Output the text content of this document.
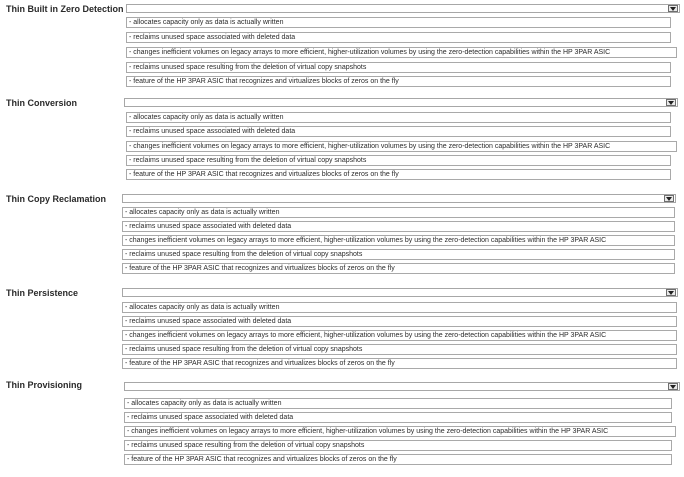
Thin Built in Zero Detection
- allocates capacity only as data is actually written
- reclaims unused space associated with deleted data
- changes inefficient volumes on legacy arrays to more efficient, higher-utilization volumes by using the zero-detection capabilities within the HP 3PAR ASIC
- reclaims unused space resulting from the deletion of virtual copy snapshots
- feature of the HP 3PAR ASIC that recognizes and virtualizes blocks of zeros on the fly
Thin Conversion
- allocates capacity only as data is actually written
- reclaims unused space associated with deleted data
- changes inefficient volumes on legacy arrays to more efficient, higher-utilization volumes by using the zero-detection capabilities within the HP 3PAR ASIC
- reclaims unused space resulting from the deletion of virtual copy snapshots
- feature of the HP 3PAR ASIC that recognizes and virtualizes blocks of zeros on the fly
Thin Copy Reclamation
- allocates capacity only as data is actually written
- reclaims unused space associated with deleted data
- changes inefficient volumes on legacy arrays to more efficient, higher-utilization volumes by using the zero-detection capabilities within the HP 3PAR ASIC
- reclaims unused space resulting from the deletion of virtual copy snapshots
- feature of the HP 3PAR ASIC that recognizes and virtualizes blocks of zeros on the fly
Thin Persistence
- allocates capacity only as data is actually written
- reclaims unused space associated with deleted data
- changes inefficient volumes on legacy arrays to more efficient, higher-utilization volumes by using the zero-detection capabilities within the HP 3PAR ASIC
- reclaims unused space resulting from the deletion of virtual copy snapshots
- feature of the HP 3PAR ASIC that recognizes and virtualizes blocks of zeros on the fly
Thin Provisioning
- allocates capacity only as data is actually written
- reclaims unused space associated with deleted data
- changes inefficient volumes on legacy arrays to more efficient, higher-utilization volumes by using the zero-detection capabilities within the HP 3PAR ASIC
- reclaims unused space resulting from the deletion of virtual copy snapshots
- feature of the HP 3PAR ASIC that recognizes and virtualizes blocks of zeros on the fly
